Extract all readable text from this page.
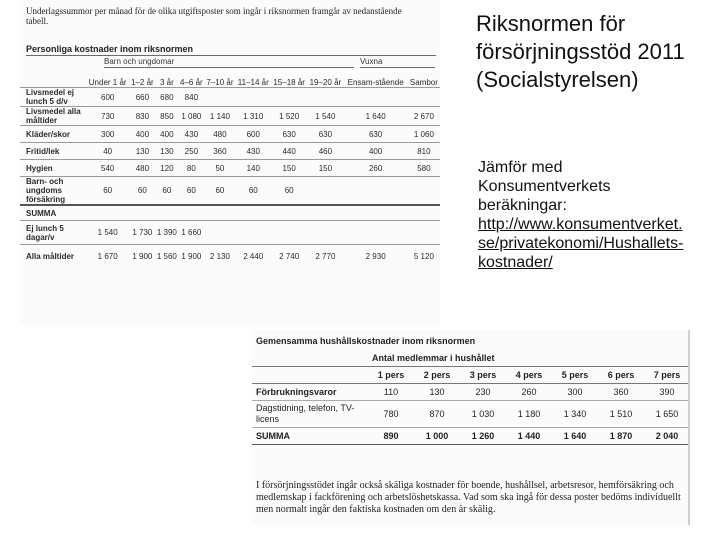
Underlagssummor per månad för de olika utgiftsposter som ingår i riksnormen framgår av nedanstående tabell.
Personliga kostnader inom riksnormen
Barn och ungdomar	Vuxna
	Under 1 år	1–2 år	3 år	4–6 år	7–10 år	11–14 år	15–18 år	19–20 år	Ensam-stående	Sambor
Livsmedel ej lunch 5 d/v	600	660	680	840						
Livsmedel alla måltider	730	830	850	1 080	1 140	1 310	1 520	1 540	1 640	2 670
Kläder/skor	300	400	400	430	480	600	630	630	630	1 060
Fritid/lek	40	130	130	250	360	430	440	460	400	810
Hygien	540	480	120	80	50	140	150	150	260	580
Barn- och ungdoms försäkring	60	60	60	60	60	60	60			
SUMMA										
Ej lunch 5 dagar/v	1 540	1 730	1 390	1 660						
Alla måltider	1 670	1 900	1 560	1 900	2 130	2 440	2 740	2 770	2 930	5 120
Riksnormen för försörjningsstöd 2011 (Socialstyrelsen)
Jämför med Konsumentverkets beräkningar:
http://www.konsumentverket.se/privatekonomi/Hushallets-kostnader/
Gemensamma hushållskostnader inom riksnormen
	Antal medlemmar i hushållet						
	1 pers	2 pers	3 pers	4 pers	5 pers	6 pers	7 pers
Förbrukningsvaror	110	130	230	260	300	360	390
Dagstidning, telefon, TV-licens	780	870	1 030	1 180	1 340	1 510	1 650
SUMMA	890	1 000	1 260	1 440	1 640	1 870	2 040
I försörjningsstödet ingår också skäliga kostnader för boende, hushållsel, arbetsresor, hemförsäkring och medlemskap i fackförening och arbetslöshetskassa. Vad som ska ingå för dessa poster bedöms individuellt men normalt ingår den faktiska kostnaden om den är skälig.
